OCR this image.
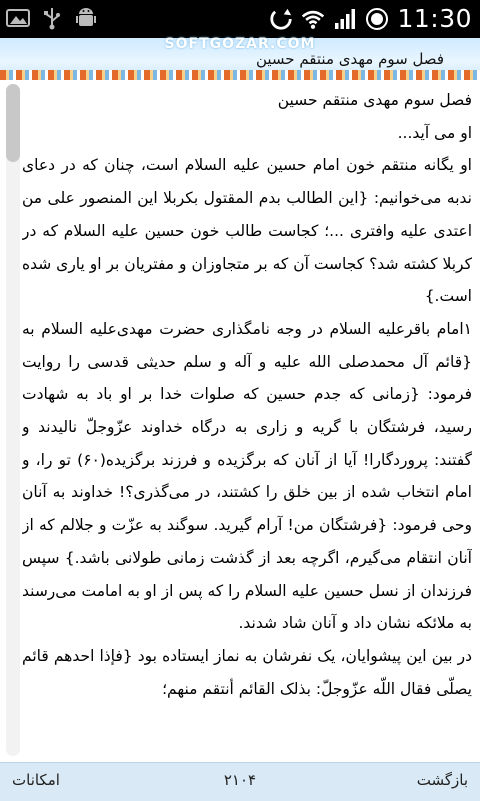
11:30
SOFTGOZAR.COM
فصل سوم مهدی منتقم حسین

فصل سوم مهدی منتقم حسین

او می آید...

او یگانه منتقم خون امام حسین علیه السلام است، چنان که در دعای ندبه می‌خوانیم: {این الطالب بدم المقتول بکربلا این المنصور علی من اعتدی علیه وافتری ...؛ کجاست طالب خون حسین علیه السلام که در کربلا کشته شد؟ کجاست آن که بر متجاوزان و مفتریان بر او یاری شده است.}

۱امام باقرعلیه السلام در وجه نامگذاری حضرت مهدی‌علیه السلام به {قائم آل محمدصلی الله علیه و آله و سلم حدیثی قدسی را روایت فرمود: {زمانی که جدم حسین که صلوات خدا بر او باد به شهادت رسید، فرشتگان با گریه و زاری به درگاه خداوند عزّوجلّ نالیدند و گفتند: پروردگارا! آیا از آنان که برگزیده و فرزند برگزیده(۶۰) تو را، و امام انتخاب شده از بین خلق را کشتند، در می‌گذری؟! خداوند به آنان وحی فرمود: {فرشتگان من! آرام گیرید. سوگند به عزّت و جلالم که از آنان انتقام می‌گیرم، اگرچه بعد از گذشت زمانی طولانی باشد.} سپس فرزندان از نسل حسین علیه السلام را که پس از او به امامت می‌رسند به ملائکه نشان داد و آنان شاد شدند.

در بین این پیشوایان، یک نفرشان به نماز ایستاده بود {فإذا احدهم قائم یصلّی فقال اللّه عزّوجلّ: بذلک القائم أنتقم منهم؛

امکانات	۲۱۰۴	بازگشت
